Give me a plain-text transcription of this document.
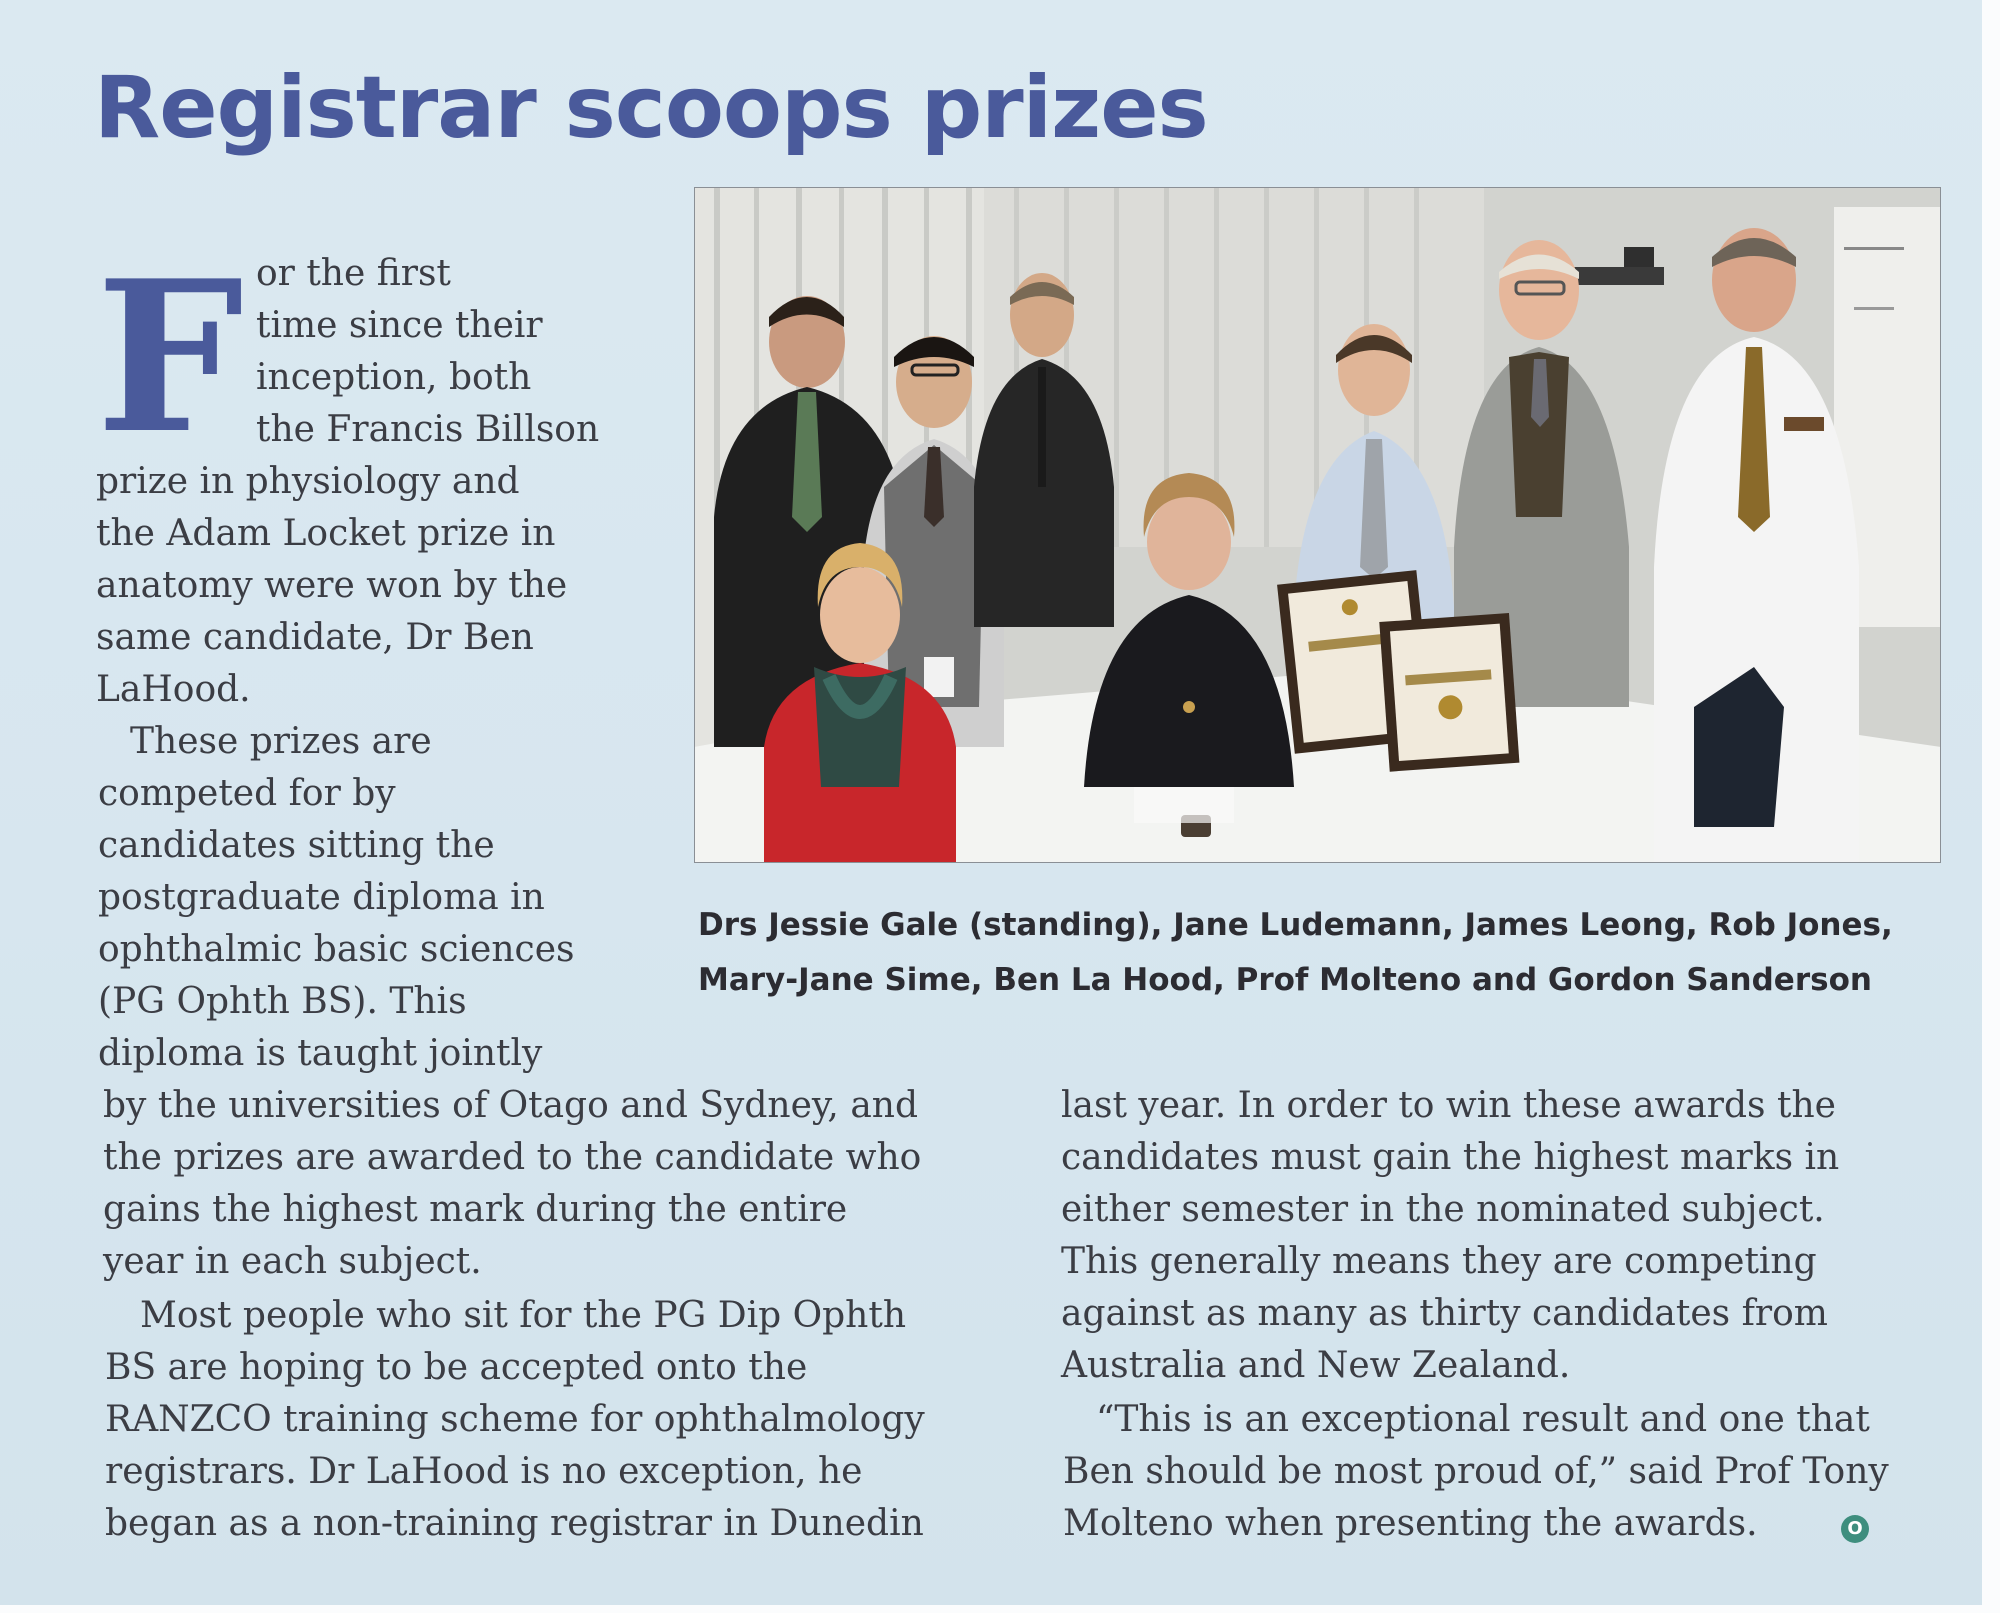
Registrar scoops prizes
F or the first
time since their
inception, both
the Francis Billson
prize in physiology and
the Adam Locket prize in
anatomy were won by the
same candidate, Dr Ben
LaHood.
These prizes are
competed for by
candidates sitting the
postgraduate diploma in
ophthalmic basic sciences
(PG Ophth BS). This
diploma is taught jointly
by the universities of Otago and Sydney, and
the prizes are awarded to the candidate who
gains the highest mark during the entire
year in each subject.
Most people who sit for the PG Dip Ophth
BS are hoping to be accepted onto the
RANZCO training scheme for ophthalmology
registrars. Dr LaHood is no exception, he
began as a non-training registrar in Dunedin
last year. In order to win these awards the
candidates must gain the highest marks in
either semester in the nominated subject.
This generally means they are competing
against as many as thirty candidates from
Australia and New Zealand.
“This is an exceptional result and one that
Ben should be most proud of,” said Prof Tony
Molteno when presenting the awards.	O
Drs Jessie Gale (standing), Jane Ludemann, James Leong, Rob Jones,
Mary-Jane Sime, Ben La Hood, Prof Molteno and Gordon Sanderson
